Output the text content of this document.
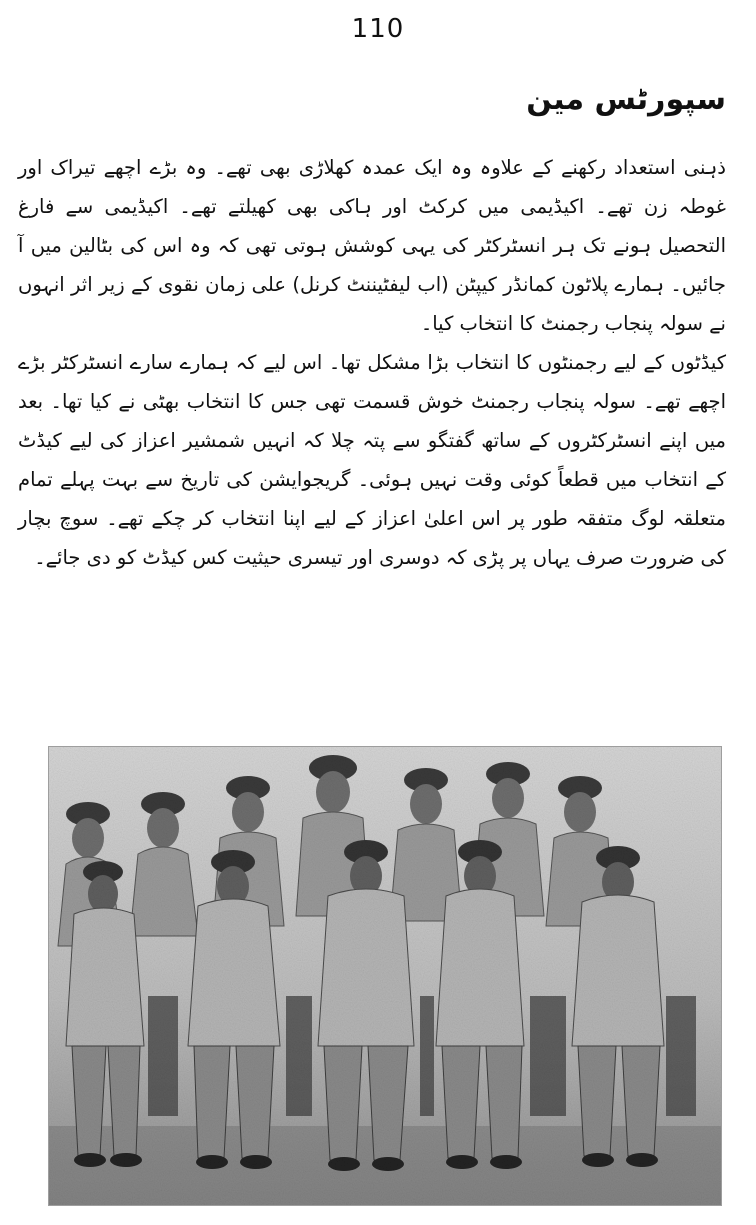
110
سپورٹس مین

ذہنی استعداد رکھنے کے علاوہ وہ ایک عمدہ کھلاڑی بھی تھے۔ وہ بڑے اچھے تیراک اور غوطہ زن تھے۔ اکیڈیمی میں کرکٹ اور ہاکی بھی کھیلتے تھے۔ اکیڈیمی سے فارغ التحصیل ہونے تک ہر انسٹرکٹر کی یہی کوشش ہوتی تھی کہ وہ اس کی بٹالین میں آ جائیں۔ ہمارے پلاٹون کمانڈر کیپٹن (اب لیفٹیننٹ کرنل) علی زمان نقوی کے زیر اثر انہوں نے سولہ پنجاب رجمنٹ کا انتخاب کیا۔

کیڈٹوں کے لیے رجمنٹوں کا انتخاب بڑا مشکل تھا۔ اس لیے کہ ہمارے سارے انسٹرکٹر بڑے اچھے تھے۔ سولہ پنجاب رجمنٹ خوش قسمت تھی جس کا انتخاب بھٹی نے کیا تھا۔ بعد میں اپنے انسٹرکٹروں کے ساتھ گفتگو سے پتہ چلا کہ انہیں شمشیر اعزاز کی لیے کیڈٹ کے انتخاب میں قطعاً کوئی وقت نہیں ہوئی۔ گریجوایشن کی تاریخ سے بہت پہلے تمام متعلقہ لوگ متفقہ طور پر اس اعلیٰ اعزاز کے لیے اپنا انتخاب کر چکے تھے۔ سوچ بچار کی ضرورت صرف یہاں پر پڑی کہ دوسری اور تیسری حیثیت کس کیڈٹ کو دی جائے۔
